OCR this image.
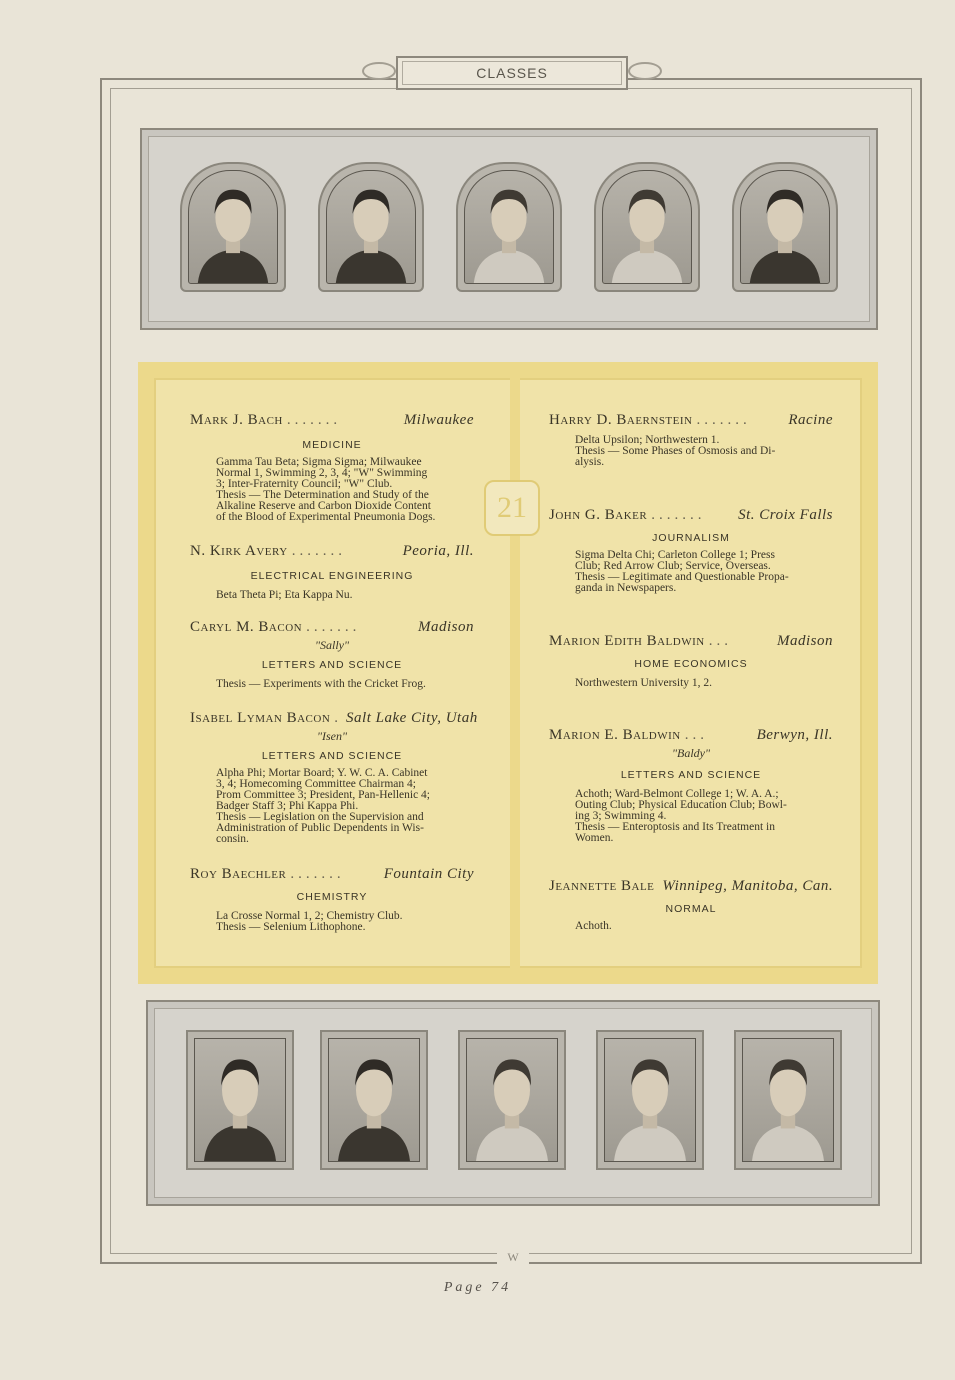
CLASSES
21
Mark J. Bach .......	Milwaukee
MEDICINE

Gamma Tau Beta; Sigma Sigma; Milwaukee

Normal 1, Swimming 2, 3, 4; "W" Swimming

3; Inter-Fraternity Council; "W" Club.

Thesis — The Determination and Study of the

Alkaline Reserve and Carbon Dioxide Content

of the Blood of Experimental Pneumonia Dogs.

N. Kirk Avery .......	Peoria, Ill.
ELECTRICAL ENGINEERING

Beta Theta Pi; Eta Kappa Nu.

Caryl M. Bacon .......	Madison
"Sally"
LETTERS AND SCIENCE

Thesis — Experiments with the Cricket Frog.

Isabel Lyman Bacon . Salt Lake City, Utah
"Isen"
LETTERS AND SCIENCE

Alpha Phi; Mortar Board; Y. W. C. A. Cabinet

3, 4; Homecoming Committee Chairman 4;

Prom Committee 3; President, Pan-Hellenic 4;

Badger Staff 3; Phi Kappa Phi.

Thesis — Legislation on the Supervision and

Administration of Public Dependents in Wis-

consin.

Roy Baechler .......	Fountain City
CHEMISTRY

La Crosse Normal 1, 2; Chemistry Club.

Thesis — Selenium Lithophone.

Harry D. Baernstein .......	Racine

Delta Upsilon; Northwestern 1.

Thesis — Some Phases of Osmosis and Di-

alysis.

John G. Baker .......	St. Croix Falls
JOURNALISM

Sigma Delta Chi; Carleton College 1; Press

Club; Red Arrow Club; Service, Overseas.

Thesis — Legitimate and Questionable Propa-

ganda in Newspapers.

Marion Edith Baldwin ...	Madison
HOME ECONOMICS

Northwestern University 1, 2.

Marion E. Baldwin ...	Berwyn, Ill.
"Baldy"
LETTERS AND SCIENCE

Achoth; Ward-Belmont College 1; W. A. A.;

Outing Club; Physical Education Club; Bowl-

ing 3; Swimming 4.

Thesis — Enteroptosis and Its Treatment in

Women.

Jeannette Bale Winnipeg, Manitoba, Can.
NORMAL

Achoth.

W
Page 74
